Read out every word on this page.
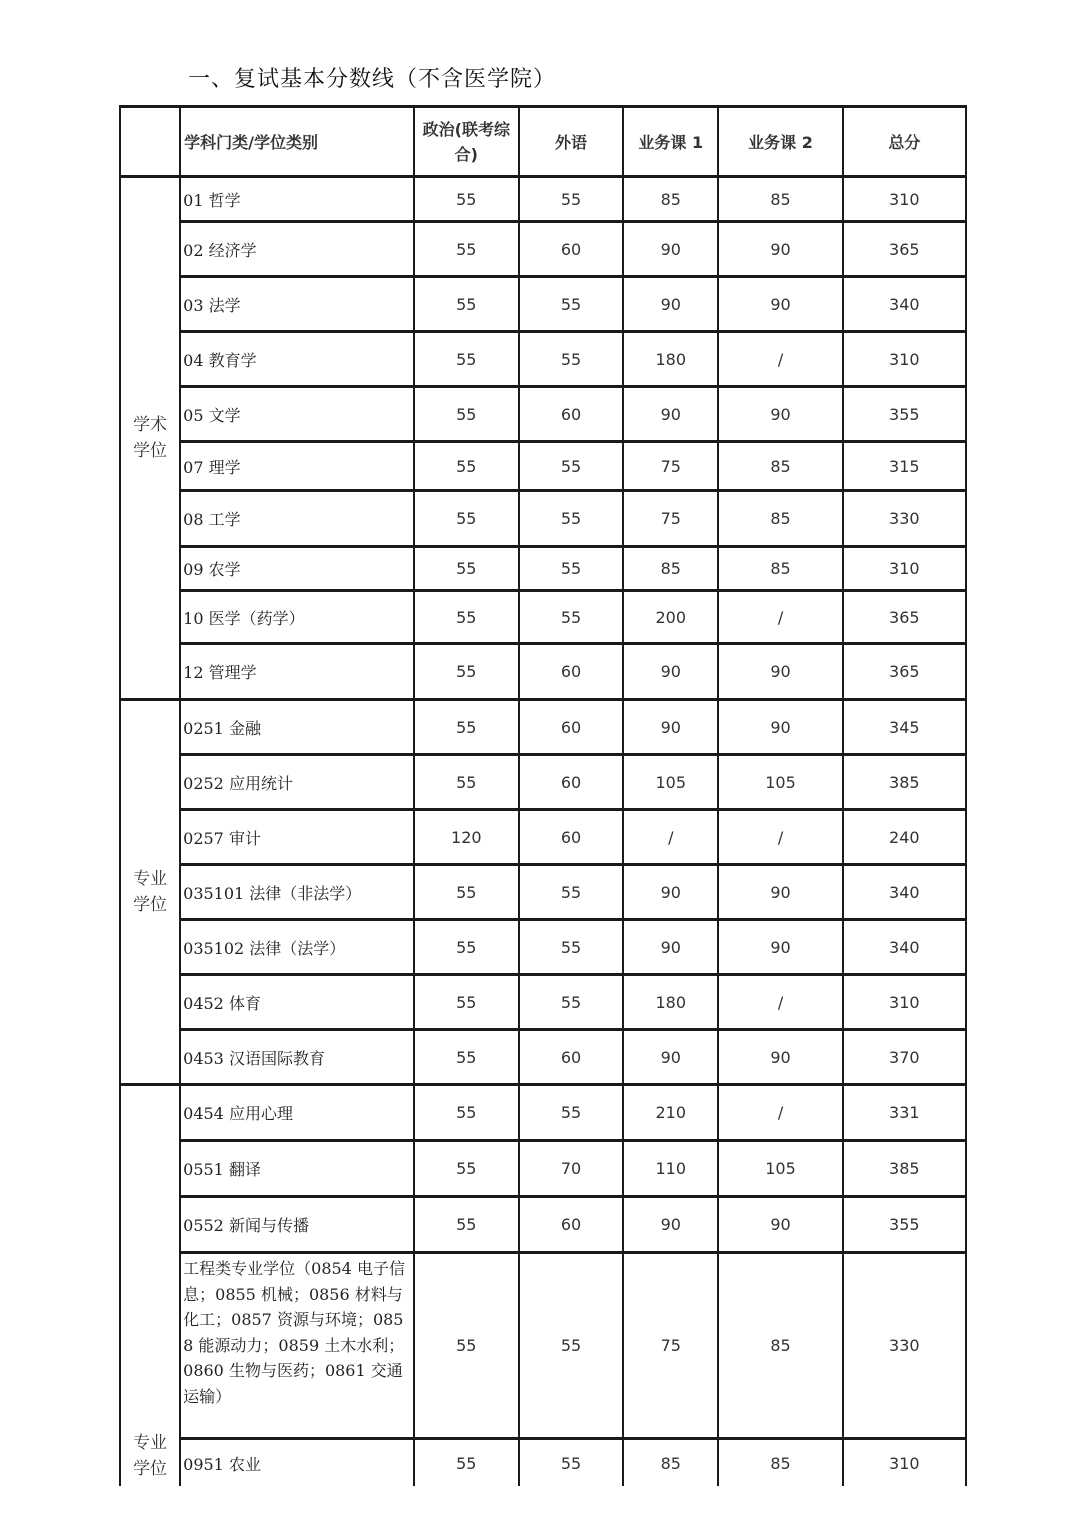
一、复试基本分数线（不含医学院）
	学科门类/学位类别	政治(联考综合)	外语	业务课 1	业务课 2	总分
学术学位	01 哲学	55	55	85	85	310
	02 经济学	55	60	90	90	365
	03 法学	55	55	90	90	340
	04 教育学	55	55	180	/	310
	05 文学	55	60	90	90	355
	07 理学	55	55	75	85	315
	08 工学	55	55	75	85	330
	09 农学	55	55	85	85	310
	10 医学（药学）	55	55	200	/	365
	12 管理学	55	60	90	90	365
专业学位	0251 金融	55	60	90	90	345
	0252 应用统计	55	60	105	105	385
	0257 审计	120	60	/	/	240
	035101 法律（非法学）	55	55	90	90	340
	035102 法律（法学）	55	55	90	90	340
	0452 体育	55	55	180	/	310
	0453 汉语国际教育	55	60	90	90	370
专业学位	0454 应用心理	55	55	210	/	331
	0551 翻译	55	70	110	105	385
	0552 新闻与传播	55	60	90	90	355
	工程类专业学位（0854 电子信息；0855 机械；0856 材料与化工；0857 资源与环境；0858 能源动力；0859 土木水利；0860 生物与医药；0861 交通运输）	55	55	75	85	330
	0951 农业	55	55	85	85	310
